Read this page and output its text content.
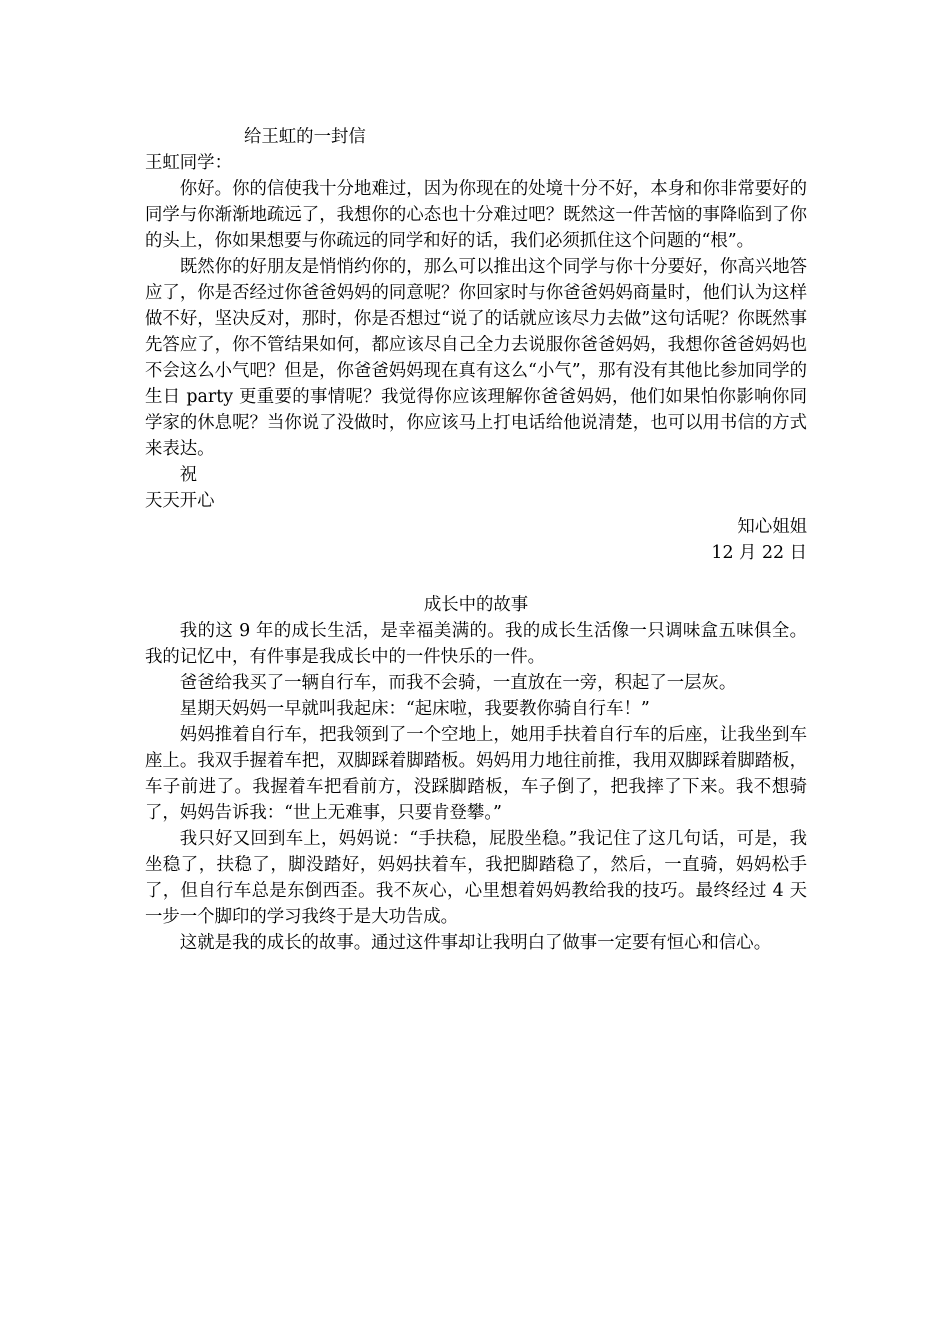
给王虹的一封信
王虹同学：
你好。你的信使我十分地难过，因为你现在的处境十分不好，本身和你非常要好的同学与你渐渐地疏远了，我想你的心态也十分难过吧？既然这一件苦恼的事降临到了你的头上，你如果想要与你疏远的同学和好的话，我们必须抓住这个问题的“根”。
既然你的好朋友是悄悄约你的，那么可以推出这个同学与你十分要好，你高兴地答应了，你是否经过你爸爸妈妈的同意呢？你回家时与你爸爸妈妈商量时，他们认为这样做不好，坚决反对，那时，你是否想过“说了的话就应该尽力去做”这句话呢？你既然事先答应了，你不管结果如何，都应该尽自己全力去说服你爸爸妈妈，我想你爸爸妈妈也不会这么小气吧？但是，你爸爸妈妈现在真有这么“小气”，那有没有其他比参加同学的生日 party 更重要的事情呢？我觉得你应该理解你爸爸妈妈，他们如果怕你影响你同学家的休息呢？当你说了没做时，你应该马上打电话给他说清楚，也可以用书信的方式来表达。
祝
天天开心
知心姐姐
12 月 22 日
成长中的故事
我的这 9 年的成长生活，是幸福美满的。我的成长生活像一只调味盒五味俱全。我的记忆中，有件事是我成长中的一件快乐的一件。
爸爸给我买了一辆自行车，而我不会骑，一直放在一旁，积起了一层灰。
星期天妈妈一早就叫我起床：“起床啦，我要教你骑自行车！”
妈妈推着自行车，把我领到了一个空地上，她用手扶着自行车的后座，让我坐到车座上。我双手握着车把，双脚踩着脚踏板。妈妈用力地往前推，我用双脚踩着脚踏板，车子前进了。我握着车把看前方，没踩脚踏板，车子倒了，把我摔了下来。我不想骑了，妈妈告诉我：“世上无难事，只要肯登攀。”
我只好又回到车上，妈妈说：“手扶稳，屁股坐稳。”我记住了这几句话，可是，我坐稳了，扶稳了，脚没踏好，妈妈扶着车，我把脚踏稳了，然后，一直骑，妈妈松手了，但自行车总是东倒西歪。我不灰心，心里想着妈妈教给我的技巧。最终经过 4 天一步一个脚印的学习我终于是大功告成。
这就是我的成长的故事。通过这件事却让我明白了做事一定要有恒心和信心。
